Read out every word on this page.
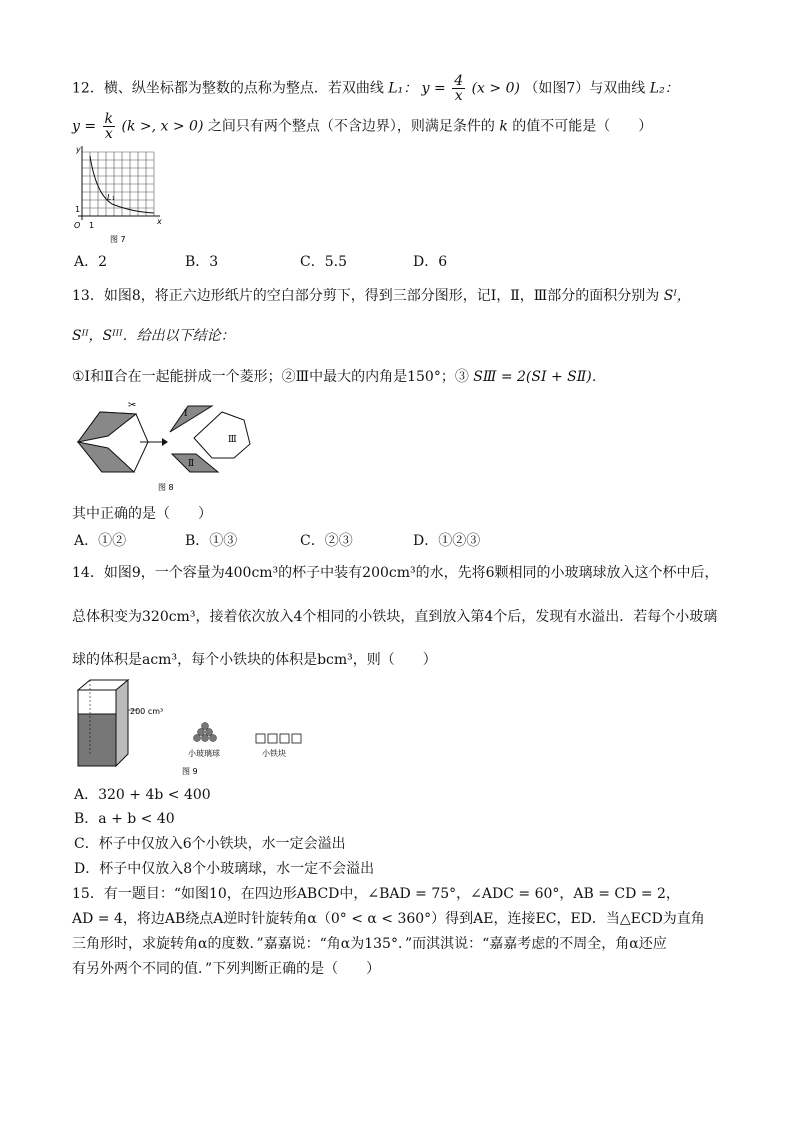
12．横、纵坐标都为整数的点称为整点．若双曲线 L₁： $y = \frac{4}{x} (x > 0)$ （如图7）与双曲线 L₂：
$y = \frac{k}{x} (k$ >, x > 0) 之间只有两个整点（不含边界），则满足条件的 k 的值不可能是（　　）
y
x
O 1
1
L₁
图 7
A．2	B．3	C．5.5	D．6
13．如图8，将正六边形纸片的空白部分剪下，得到三部分图形，记Ⅰ，Ⅱ，Ⅲ部分的面积分别为 Sᴵ，
Sᴵᴵ，Sᴵᴵᴵ．给出以下结论：
①Ⅰ和Ⅱ合在一起能拼成一个菱形；②Ⅲ中最大的内角是150°；③ SⅢ = 2(SⅠ + SⅡ)．
✂
Ⅰ
Ⅱ
Ⅲ
图 8
其中正确的是（　　）
A．①②	B．①③	C．②③	D．①②③
14．如图9，一个容量为400cm³的杯子中装有200cm³的水，先将6颗相同的小玻璃球放入这个杯中后，
总体积变为320cm³，接着依次放入4个相同的小铁块，直到放入第4个后，发现有水溢出．若每个小玻璃
球的体积是acm³，每个小铁块的体积是bcm³，则（　　）
200 cm³
小玻璃球	小铁块
图 9
A．320 + 4b < 400
B．a + b < 40
C．杯子中仅放入6个小铁块，水一定会溢出
D．杯子中仅放入8个小玻璃球，水一定不会溢出
15．有一题目：“如图10，在四边形ABCD中，∠BAD = 75°，∠ADC = 60°，AB = CD = 2，
AD = 4，将边AB绕点A逆时针旋转角α（0° < α < 360°）得到AE，连接EC，ED．当△ECD为直角
三角形时，求旋转角α的度数．”嘉嘉说：“角α为135°．”而淇淇说：“嘉嘉考虑的不周全，角α还应
有另外两个不同的值．”下列判断正确的是（　　）
